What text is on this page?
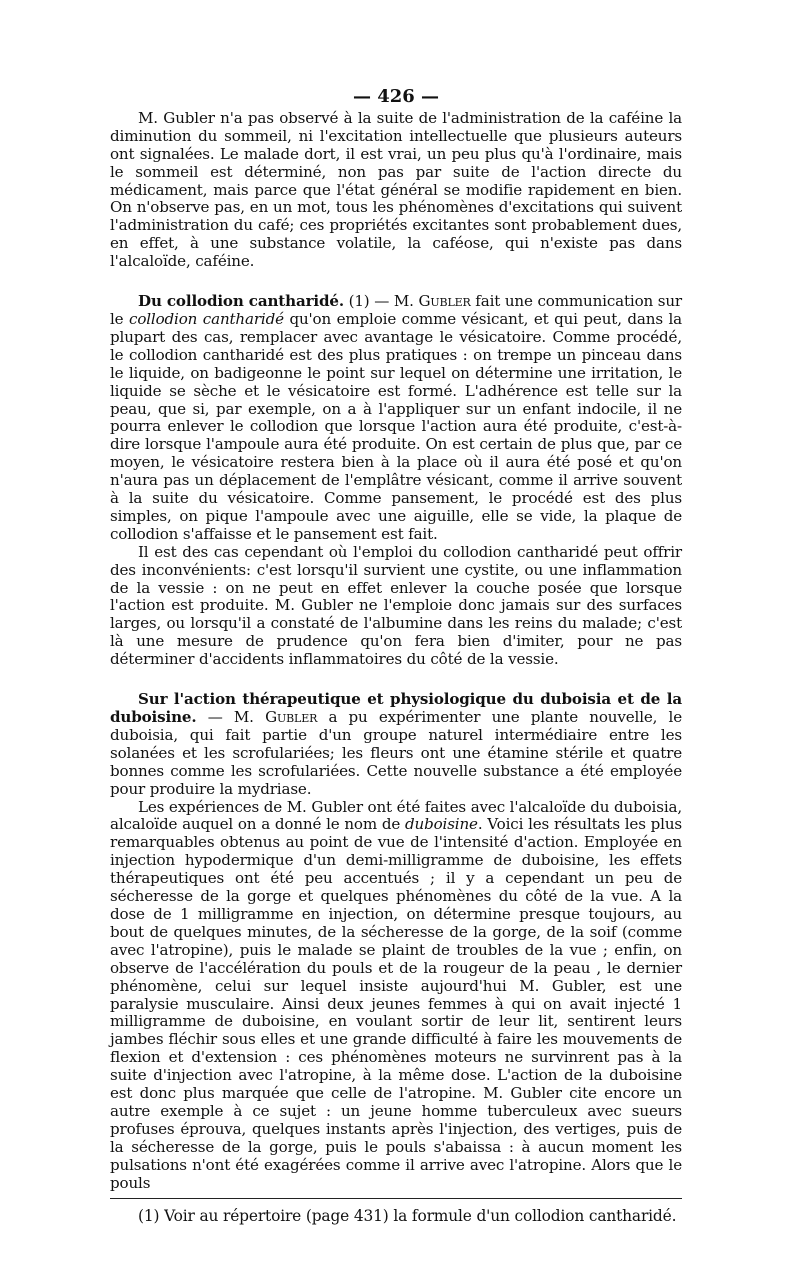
— 426 —

M. Gubler n'a pas observé à la suite de l'administration de la caféine la diminution du sommeil, ni l'excitation intellectuelle que plusieurs auteurs ont signalées. Le malade dort, il est vrai, un peu plus qu'à l'ordinaire, mais le sommeil est déterminé, non pas par suite de l'action directe du médicament, mais parce que l'état général se modifie rapidement en bien. On n'observe pas, en un mot, tous les phénomènes d'excitations qui suivent l'administration du café; ces propriétés excitantes sont probablement dues, en effet, à une substance volatile, la caféose, qui n'existe pas dans l'alcaloïde, caféine.

Du collodion cantharidé. (1) — M. Gubler fait une communication sur le collodion cantharidé qu'on emploie comme vésicant, et qui peut, dans la plupart des cas, remplacer avec avantage le vésicatoire. Comme procédé, le collodion cantharidé est des plus pratiques : on trempe un pinceau dans le liquide, on badigeonne le point sur lequel on détermine une irritation, le liquide se sèche et le vésicatoire est formé. L'adhérence est telle sur la peau, que si, par exemple, on a à l'appliquer sur un enfant indocile, il ne pourra enlever le collodion que lorsque l'action aura été produite, c'est-à-dire lorsque l'ampoule aura été produite. On est certain de plus que, par ce moyen, le vésicatoire restera bien à la place où il aura été posé et qu'on n'aura pas un déplacement de l'emplâtre vésicant, comme il arrive souvent à la suite du vésicatoire. Comme pansement, le procédé est des plus simples, on pique l'ampoule avec une aiguille, elle se vide, la plaque de collodion s'affaisse et le pansement est fait.

Il est des cas cependant où l'emploi du collodion cantharidé peut offrir des inconvénients: c'est lorsqu'il survient une cystite, ou une inflammation de la vessie : on ne peut en effet enlever la couche posée que lorsque l'action est produite. M. Gubler ne l'emploie donc jamais sur des surfaces larges, ou lorsqu'il a constaté de l'albumine dans les reins du malade; c'est là une mesure de prudence qu'on fera bien d'imiter, pour ne pas déterminer d'accidents inflammatoires du côté de la vessie.

Sur l'action thérapeutique et physiologique du duboisia et de la duboisine. — M. Gubler a pu expérimenter une plante nouvelle, le duboisia, qui fait partie d'un groupe naturel intermédiaire entre les solanées et les scrofulariées; les fleurs ont une étamine stérile et quatre bonnes comme les scrofulariées. Cette nouvelle substance a été employée pour produire la mydriase.

Les expériences de M. Gubler ont été faites avec l'alcaloïde du duboisia, alcaloïde auquel on a donné le nom de duboisine. Voici les résultats les plus remarquables obtenus au point de vue de l'intensité d'action. Employée en injection hypodermique d'un demi-milligramme de duboisine, les effets thérapeutiques ont été peu accentués ; il y a cependant un peu de sécheresse de la gorge et quelques phénomènes du côté de la vue. A la dose de 1 milligramme en injection, on détermine presque toujours, au bout de quelques minutes, de la sécheresse de la gorge, de la soif (comme avec l'atropine), puis le malade se plaint de troubles de la vue ; enfin, on observe de l'accélération du pouls et de la rougeur de la peau , le dernier phénomène, celui sur lequel insiste aujourd'hui M. Gubler, est une paralysie musculaire. Ainsi deux jeunes femmes à qui on avait injecté 1 milligramme de duboisine, en voulant sortir de leur lit, sentirent leurs jambes fléchir sous elles et une grande difficulté à faire les mouvements de flexion et d'extension : ces phénomènes moteurs ne survinrent pas à la suite d'injection avec l'atropine, à la même dose. L'action de la duboisine est donc plus marquée que celle de l'atropine. M. Gubler cite encore un autre exemple à ce sujet : un jeune homme tuberculeux avec sueurs profuses éprouva, quelques instants après l'injection, des vertiges, puis de la sécheresse de la gorge, puis le pouls s'abaissa : à aucun moment les pulsations n'ont été exagérées comme il arrive avec l'atropine. Alors que le pouls

(1) Voir au répertoire (page 431) la formule d'un collodion cantharidé.
